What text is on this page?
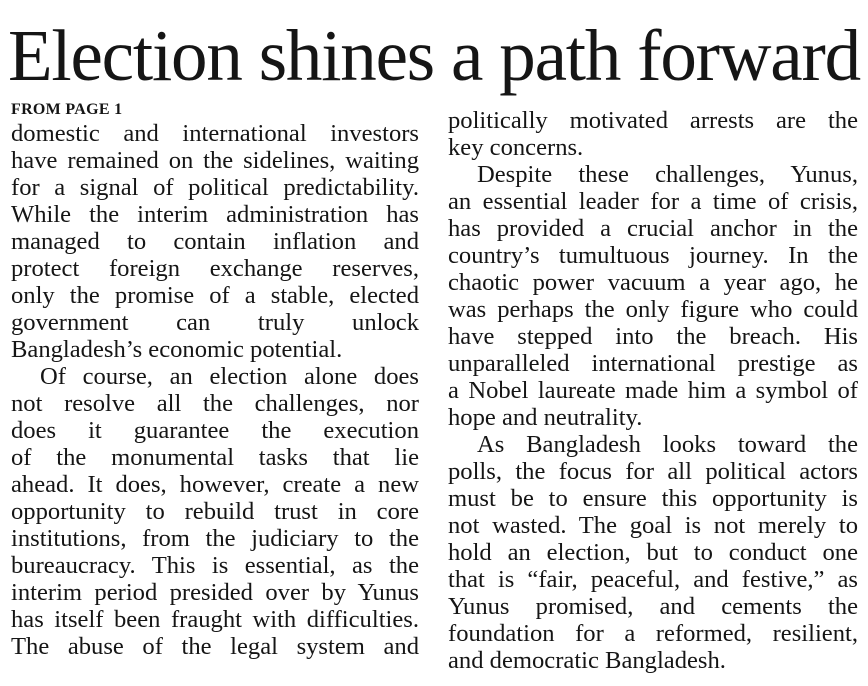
Election shines a path forward
FROM PAGE 1
domestic and international investors
have remained on the sidelines, waiting
for a signal of political predictability.
While the interim administration has
managed to contain inflation and
protect foreign exchange reserves,
only the promise of a stable, elected
government can truly unlock
Bangladesh’s economic potential.
Of course, an election alone does
not resolve all the challenges, nor
does it guarantee the execution
of the monumental tasks that lie
ahead. It does, however, create a new
opportunity to rebuild trust in core
institutions, from the judiciary to the
bureaucracy. This is essential, as the
interim period presided over by Yunus
has itself been fraught with difficulties.
The abuse of the legal system and
politically motivated arrests are the
key concerns.
Despite these challenges, Yunus,
an essential leader for a time of crisis,
has provided a crucial anchor in the
country’s tumultuous journey. In the
chaotic power vacuum a year ago, he
was perhaps the only figure who could
have stepped into the breach. His
unparalleled international prestige as
a Nobel laureate made him a symbol of
hope and neutrality.
As Bangladesh looks toward the
polls, the focus for all political actors
must be to ensure this opportunity is
not wasted. The goal is not merely to
hold an election, but to conduct one
that is “fair, peaceful, and festive,” as
Yunus promised, and cements the
foundation for a reformed, resilient,
and democratic Bangladesh.
